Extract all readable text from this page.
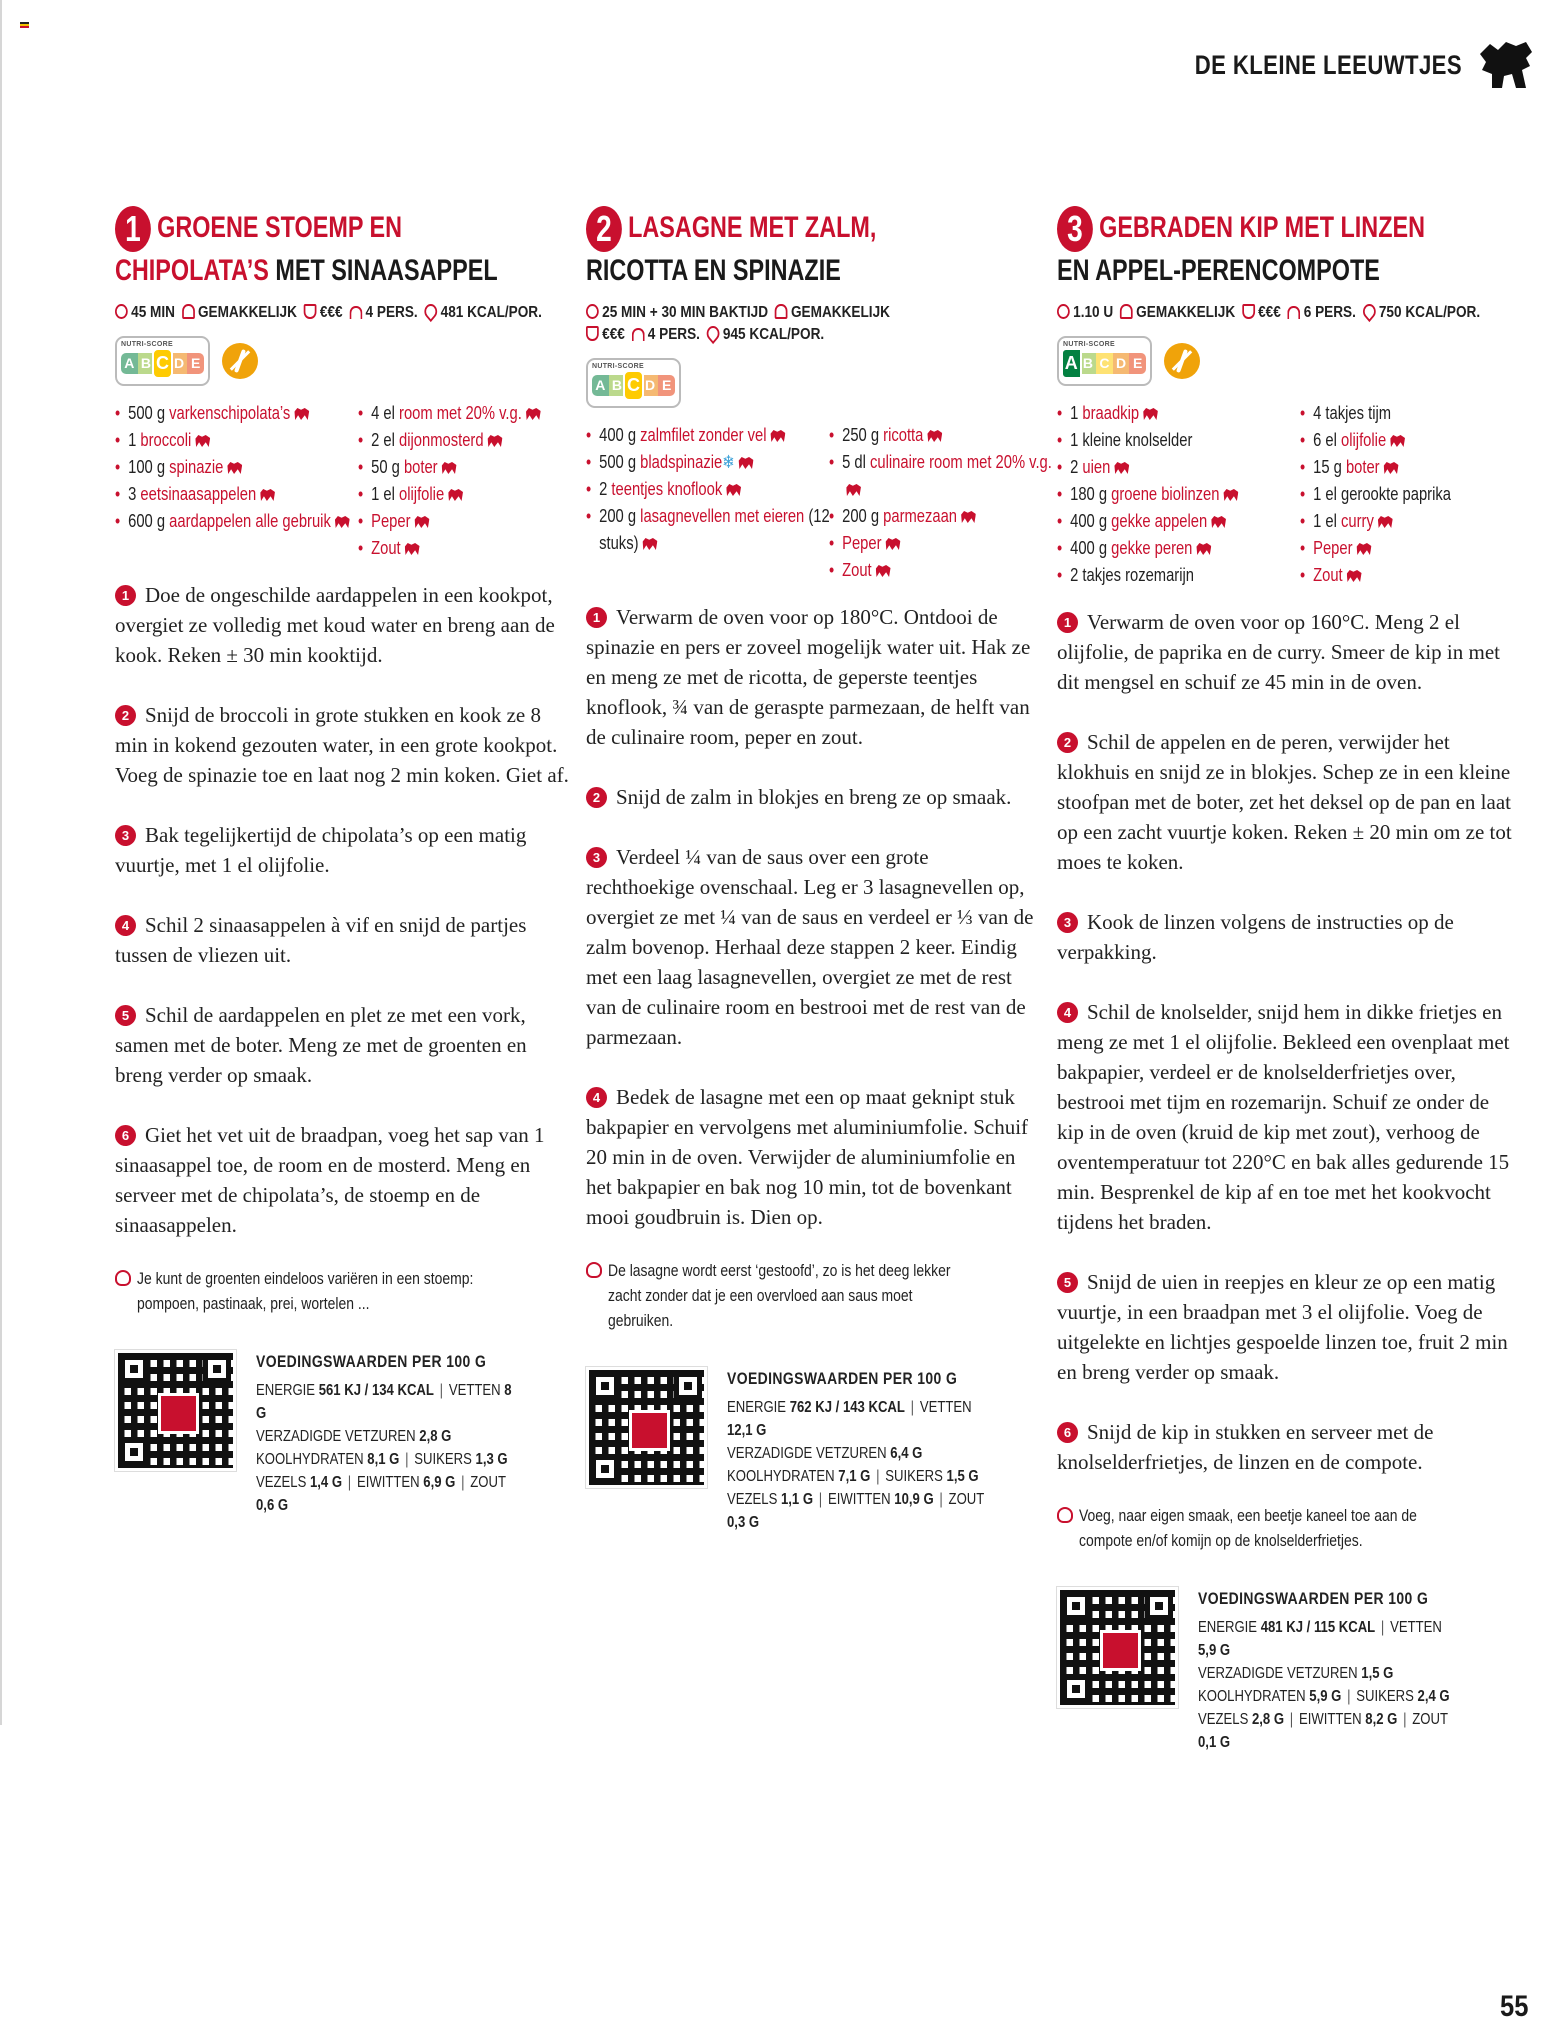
DE KLEINE LEEUWTJES
1 GROENE STOEMP EN
CHIPOLATA’S MET SINAASAPPEL
45 MIN GEMAKKELIJK €€€ 4 PERS. 481 KCAL/POR.
NUTRI-SCORE
A B C D E
• 500 g varkenschipolata’s
• 1 broccoli
• 100 g spinazie
• 3 eetsinaasappelen
• 600 g aardappelen alle gebruik
• 4 el room met 20% v.g.
• 2 el dijonmosterd
• 50 g boter
• 1 el olijfolie
• Peper
• Zout

1 Doe de ongeschilde aardappelen in een kookpot, overgiet ze volledig met koud water en breng aan de kook. Reken ± 30 min kooktijd.

2 Snijd de broccoli in grote stukken en kook ze 8 min in kokend gezouten water, in een grote kookpot. Voeg de spinazie toe en laat nog 2 min koken. Giet af.

3 Bak tegelijkertijd de chipolata’s op een matig vuurtje, met 1 el olijfolie.

4 Schil 2 sinaasappelen à vif en snijd de partjes tussen de vliezen uit.

5 Schil de aardappelen en plet ze met een vork, samen met de boter. Meng ze met de groenten en breng verder op smaak.

6 Giet het vet uit de braadpan, voeg het sap van 1 sinaasappel toe, de room en de mosterd. Meng en serveer met de chipolata’s, de stoemp en de sinaasappelen.

Je kunt de groenten eindeloos variëren in een stoemp: pompoen, pastinaak, prei, wortelen ...
VOEDINGSWAARDEN PER 100 G
ENERGIE 561 KJ / 134 KCAL | VETTEN 8 G
VERZADIGDE VETZUREN 2,8 G
KOOLHYDRATEN 8,1 G | SUIKERS 1,3 G
VEZELS 1,4 G | EIWITTEN 6,9 G | ZOUT 0,6 G
2 LASAGNE MET ZALM,
RICOTTA EN SPINAZIE
25 MIN + 30 MIN BAKTIJD GEMAKKELIJK
€€€ 4 PERS. 945 KCAL/POR.
NUTRI-SCORE
A B C D E
• 400 g zalmfilet zonder vel
• 500 g bladspinazie❄
• 2 teentjes knoflook
• 200 g lasagnevellen met eieren (12 stuks)
• 250 g ricotta
• 5 dl culinaire room met 20% v.g.
• 200 g parmezaan
• Peper
• Zout

1 Verwarm de oven voor op 180°C. Ontdooi de spinazie en pers er zoveel mogelijk water uit. Hak ze en meng ze met de ricotta, de geperste teentjes knoflook, ¾ van de geraspte parmezaan, de helft van de culinaire room, peper en zout.

2 Snijd de zalm in blokjes en breng ze op smaak.

3 Verdeel ¼ van de saus over een grote rechthoekige ovenschaal. Leg er 3 lasagnevellen op, overgiet ze met ¼ van de saus en verdeel er ⅓ van de zalm bovenop. Herhaal deze stappen 2 keer. Eindig met een laag lasagnevellen, overgiet ze met de rest van de culinaire room en bestrooi met de rest van de parmezaan.

4 Bedek de lasagne met een op maat geknipt stuk bakpapier en vervolgens met aluminiumfolie. Schuif 20 min in de oven. Verwijder de aluminiumfolie en het bakpapier en bak nog 10 min, tot de bovenkant mooi goudbruin is. Dien op.

De lasagne wordt eerst ‘gestoofd’, zo is het deeg lekker zacht zonder dat je een overvloed aan saus moet gebruiken.
VOEDINGSWAARDEN PER 100 G
ENERGIE 762 KJ / 143 KCAL | VETTEN 12,1 G
VERZADIGDE VETZUREN 6,4 G
KOOLHYDRATEN 7,1 G | SUIKERS 1,5 G
VEZELS 1,1 G | EIWITTEN 10,9 G | ZOUT 0,3 G
3 GEBRADEN KIP MET LINZEN
EN APPEL-PERENCOMPOTE
1.10 U GEMAKKELIJK €€€ 6 PERS. 750 KCAL/POR.
NUTRI-SCORE
A B C D E
• 1 braadkip
• 1 kleine knolselder
• 2 uien
• 180 g groene biolinzen
• 400 g gekke appelen
• 400 g gekke peren
• 2 takjes rozemarijn
• 4 takjes tijm
• 6 el olijfolie
• 15 g boter
• 1 el gerookte paprika
• 1 el curry
• Peper
• Zout

1 Verwarm de oven voor op 160°C. Meng 2 el olijfolie, de paprika en de curry. Smeer de kip in met dit mengsel en schuif ze 45 min in de oven.

2 Schil de appelen en de peren, verwijder het klokhuis en snijd ze in blokjes. Schep ze in een kleine stoofpan met de boter, zet het deksel op de pan en laat op een zacht vuurtje koken. Reken ± 20 min om ze tot moes te koken.

3 Kook de linzen volgens de instructies op de verpakking.

4 Schil de knolselder, snijd hem in dikke frietjes en meng ze met 1 el olijfolie. Bekleed een ovenplaat met bakpapier, verdeel er de knolselderfrietjes over, bestrooi met tijm en rozemarijn. Schuif ze onder de kip in de oven (kruid de kip met zout), verhoog de oventemperatuur tot 220°C en bak alles gedurende 15 min. Besprenkel de kip af en toe met het kookvocht tijdens het braden.

5 Snijd de uien in reepjes en kleur ze op een matig vuurtje, in een braadpan met 3 el olijfolie. Voeg de uitgelekte en lichtjes gespoelde linzen toe, fruit 2 min en breng verder op smaak.

6 Snijd de kip in stukken en serveer met de knolselderfrietjes, de linzen en de compote.

Voeg, naar eigen smaak, een beetje kaneel toe aan de compote en/of komijn op de knolselderfrietjes.
VOEDINGSWAARDEN PER 100 G
ENERGIE 481 KJ / 115 KCAL | VETTEN 5,9 G
VERZADIGDE VETZUREN 1,5 G
KOOLHYDRATEN 5,9 G | SUIKERS 2,4 G
VEZELS 2,8 G | EIWITTEN 8,2 G | ZOUT 0,1 G
55
